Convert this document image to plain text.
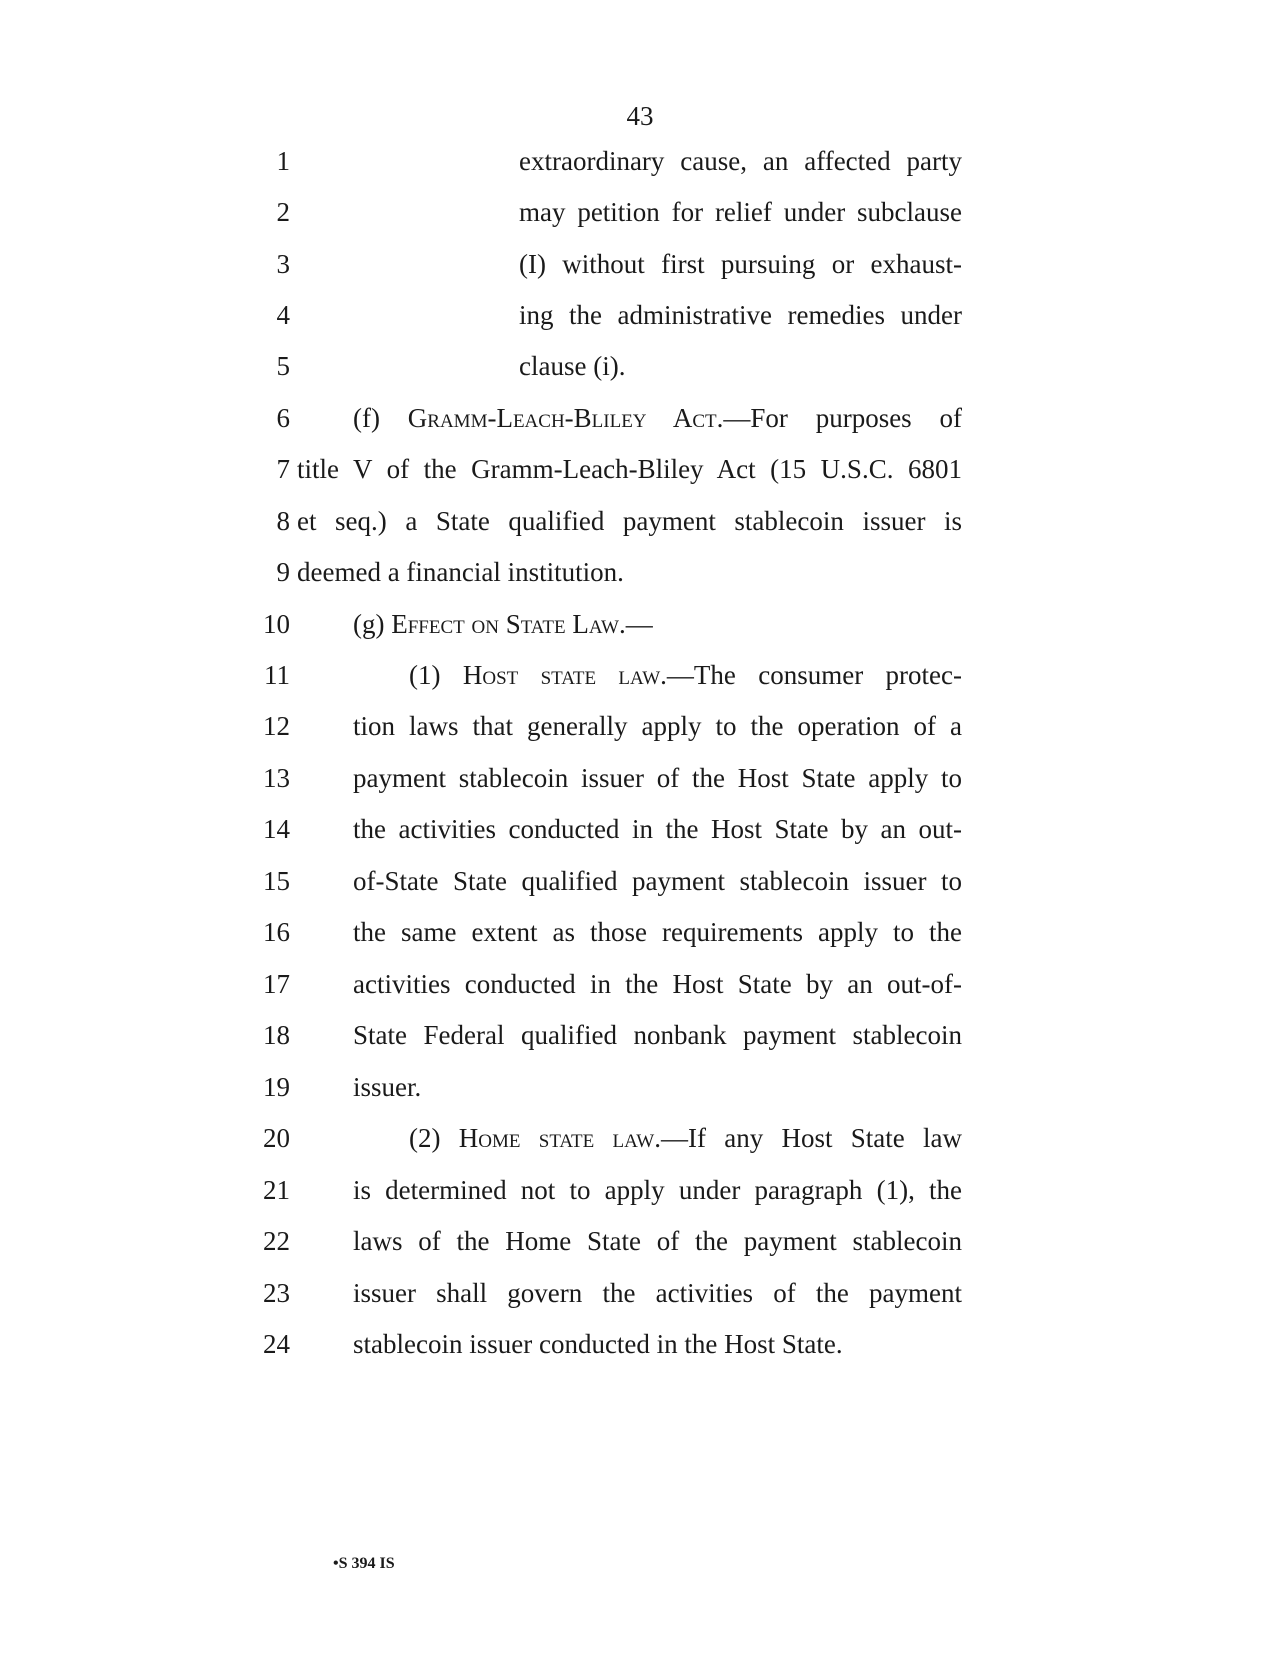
43
1	extraordinary cause, an affected party
2	may petition for relief under subclause
3	(I) without first pursuing or exhaust-
4	ing the administrative remedies under
5	clause (i).
6 (f) Gramm-Leach-Bliley Act.—For purposes of
7 title V of the Gramm-Leach-Bliley Act (15 U.S.C. 6801
8 et seq.) a State qualified payment stablecoin issuer is
9 deemed a financial institution.
10 (g) Effect on State Law.—
11	(1) Host state law.—The consumer protec-
12 tion laws that generally apply to the operation of a
13 payment stablecoin issuer of the Host State apply to
14 the activities conducted in the Host State by an out-
15 of-State State qualified payment stablecoin issuer to
16 the same extent as those requirements apply to the
17 activities conducted in the Host State by an out-of-
18 State Federal qualified nonbank payment stablecoin
19 issuer.
20	(2) Home state law.—If any Host State law
21 is determined not to apply under paragraph (1), the
22 laws of the Home State of the payment stablecoin
23 issuer shall govern the activities of the payment
24 stablecoin issuer conducted in the Host State.
•S 394 IS
